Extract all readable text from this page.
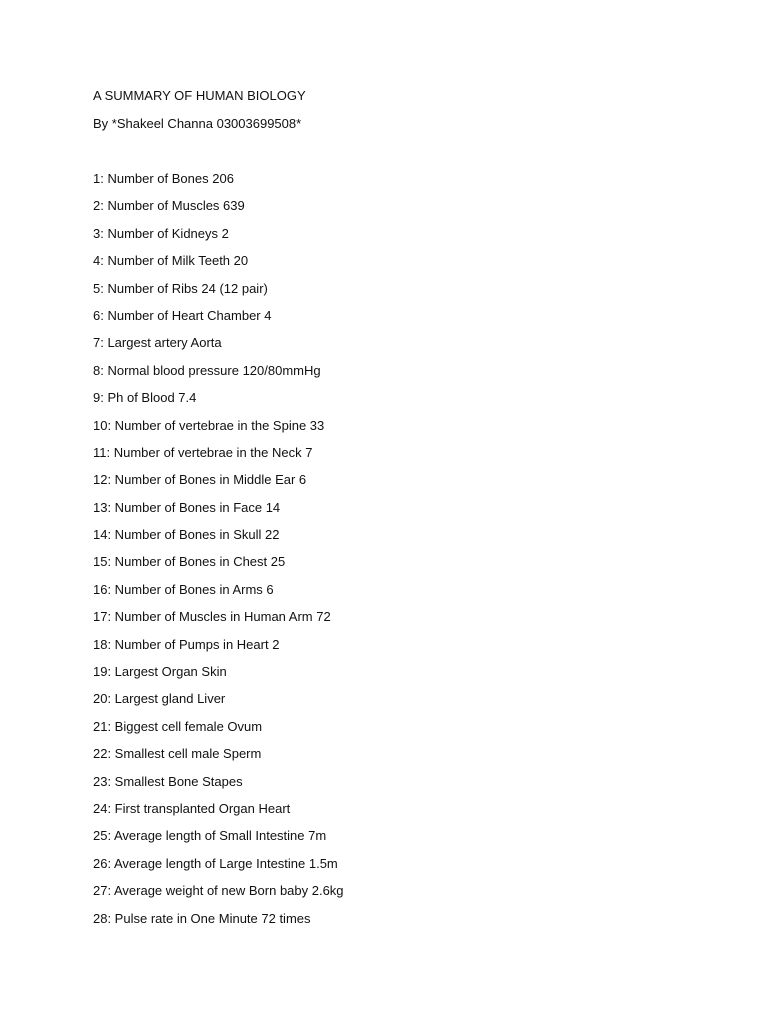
A SUMMARY OF HUMAN BIOLOGY
By *Shakeel Channa 03003699508*
1: Number of Bones 206
2: Number of Muscles 639
3: Number of Kidneys 2
4: Number of Milk Teeth 20
5: Number of Ribs 24 (12 pair)
6: Number of Heart Chamber 4
7: Largest artery Aorta
8: Normal blood pressure 120/80mmHg
9: Ph of Blood 7.4
10: Number of vertebrae in the Spine 33
11: Number of vertebrae in the Neck 7
12: Number of Bones in Middle Ear 6
13: Number of Bones in Face 14
14: Number of Bones in Skull 22
15: Number of Bones in Chest 25
16: Number of Bones in Arms 6
17: Number of Muscles in Human Arm 72
18: Number of Pumps in Heart 2
19: Largest Organ Skin
20: Largest gland Liver
21: Biggest cell female Ovum
22: Smallest cell male Sperm
23: Smallest Bone Stapes
24: First transplanted Organ Heart
25: Average length of Small Intestine 7m
26: Average length of Large Intestine 1.5m
27: Average weight of new Born baby 2.6kg
28: Pulse rate in One Minute 72 times
